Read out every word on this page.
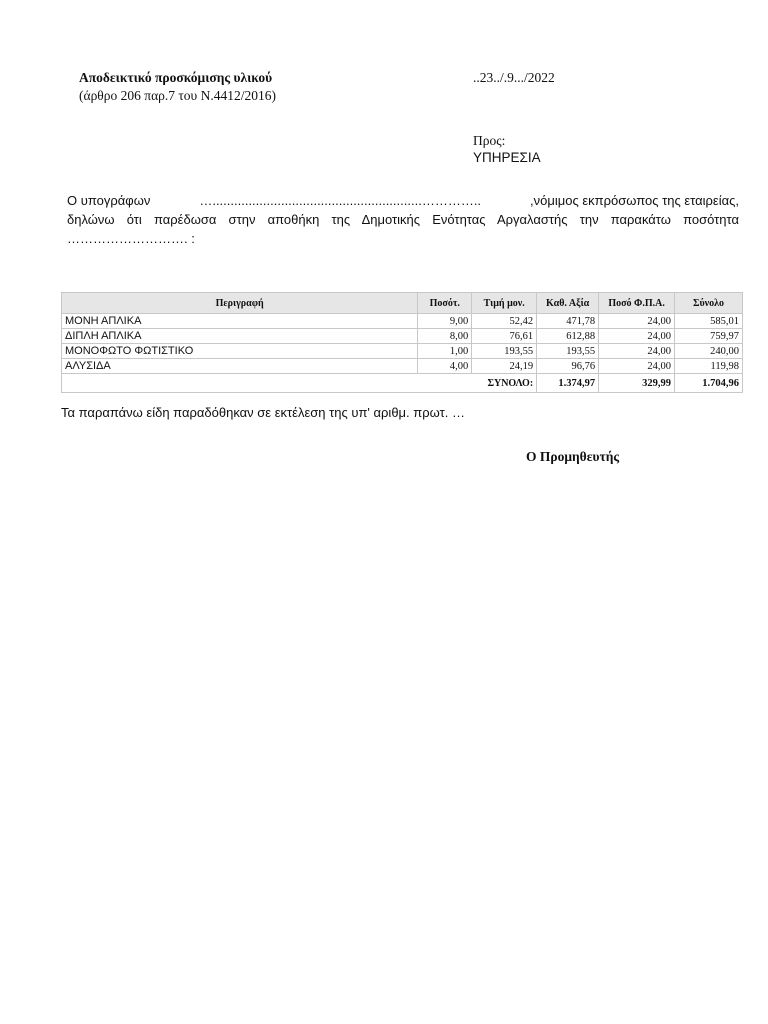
Αποδεικτικό προσκόμισης υλικού
(άρθρο 206 παρ.7 του Ν.4412/2016)
..23../.9.../2022
Προς:
ΥΠΗΡΕΣΙΑ
Ο υπογράφων	…..........................................................…………..	,νόμιμος εκπρόσωπος της εταιρείας,
δηλώνω ότι παρέδωσα στην αποθήκη της Δημοτικής Ενότητας Αργαλαστής την παρακάτω ποσότητα
………………………. :
Περιγραφή	Ποσότ.	Τιμή μον.	Καθ. Αξία	Ποσό Φ.Π.Α.	Σύνολο
ΜΟΝΗ ΑΠΛΙΚΑ	9,00	52,42	471,78	24,00	585,01
ΔΙΠΛΗ ΑΠΛΙΚΑ	8,00	76,61	612,88	24,00	759,97
ΜΟΝΟΦΩΤΟ ΦΩΤΙΣΤΙΚΟ	1,00	193,55	193,55	24,00	240,00
ΑΛΥΣΙΔΑ	4,00	24,19	96,76	24,00	119,98
	ΣΥΝΟΛΟ:		1.374,97	329,99	1.704,96
Τα παραπάνω είδη παραδόθηκαν σε εκτέλεση της υπ' αριθμ. πρωτ. …
Ο Προμηθευτής
